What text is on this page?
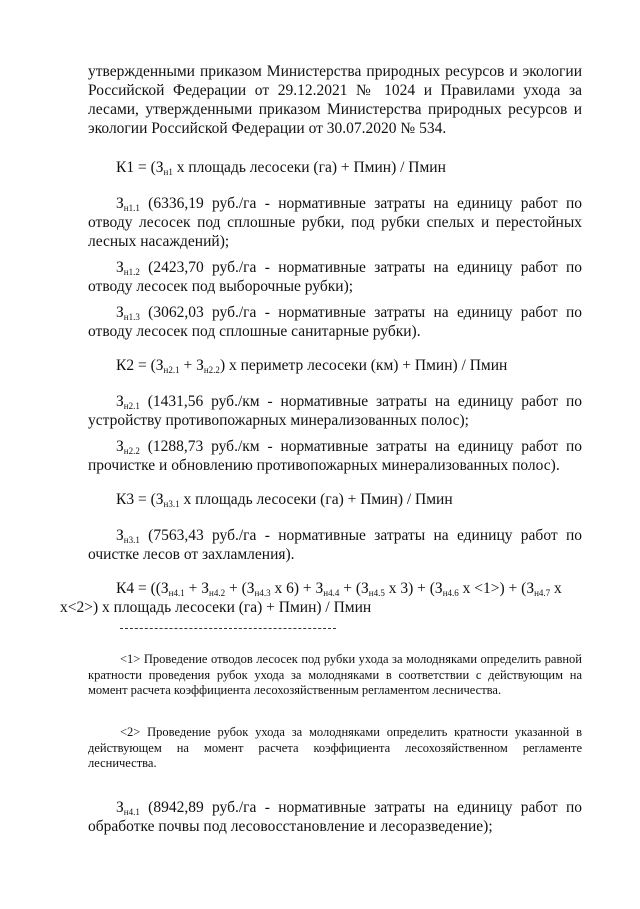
утвержденными приказом Министерства природных ресурсов и экологии Российской Федерации от 29.12.2021 № 1024 и Правилами ухода за лесами, утвержденными приказом Министерства природных ресурсов и экологии Российской Федерации от 30.07.2020 № 534.

$К1 = (З_{н1}$ х площадь лесосеки (га) + Пмин) / Пмин

$З_{н1.1}$ (6336,19 руб./га - нормативные затраты на единицу работ по отводу лесосек под сплошные рубки, под рубки спелых и перестойных лесных насаждений);

$З_{н1.2}$ (2423,70 руб./га - нормативные затраты на единицу работ по отводу лесосек под выборочные рубки);

$З_{н1.3}$ (3062,03 руб./га - нормативные затраты на единицу работ по отводу лесосек под сплошные санитарные рубки).

$К2 = (З_{н2.1} + З_{н2.2})$ х периметр лесосеки (км) + Пмин) / Пмин

$З_{н2.1}$ (1431,56 руб./км - нормативные затраты на единицу работ по устройству противопожарных минерализованных полос);

$З_{н2.2}$ (1288,73 руб./км - нормативные затраты на единицу работ по прочистке и обновлению противопожарных минерализованных полос).

$К3 = (З_{н3.1}$ х площадь лесосеки (га) + Пмин) / Пмин

$З_{н3.1}$ (7563,43 руб./га - нормативные затраты на единицу работ по очистке лесов от захламления).

$К4 = ((З_{н4.1} + З_{н4.2} + (З_{н4.3}$ х $6) + З_{н4.4} + (З_{н4.5}$ х $3) + (З_{н4.6}$ $х <1>) + (З_{н4.7}$ х
х<2>) х площадь лесосеки (га) + Пмин) / Пмин

<1> Проведение отводов лесосек под рубки ухода за молодняками определить равной кратности проведения рубок ухода за молодняками в соответствии с действующим на момент расчета коэффициента лесохозяйственным регламентом лесничества.

<2> Проведение рубок ухода за молодняками определить кратности указанной в действующем на момент расчета коэффициента лесохозяйственном регламенте лесничества.

$З_{н4.1}$ (8942,89 руб./га - нормативные затраты на единицу работ по обработке почвы под лесовосстановление и лесоразведение);
